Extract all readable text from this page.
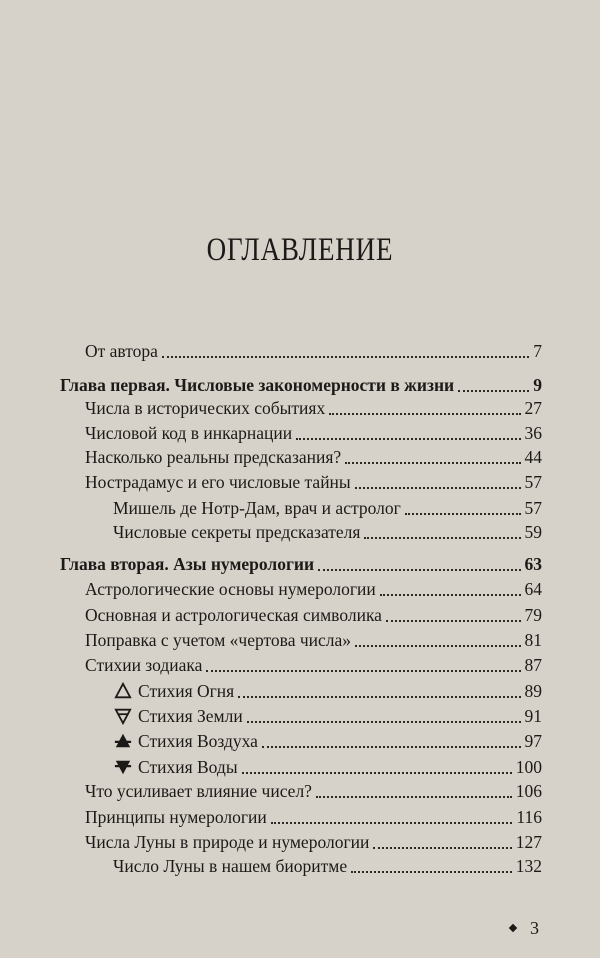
ОГЛАВЛЕНИЕ
От автора	7
Глава первая. Числовые закономерности в жизни	9
Числа в исторических событиях	27
Числовой код в инкарнации	36
Насколько реальны предсказания?	44
Нострадамус и его числовые тайны	57
Мишель де Нотр-Дам, врач и астролог	57
Числовые секреты предсказателя	59
Глава вторая. Азы нумерологии	63
Астрологические основы нумерологии	64
Основная и астрологическая символика	79
Поправка с учетом «чертова числа»	81
Стихии зодиака	87
Стихия Огня	89
Стихия Земли	91
Стихия Воздуха	97
Стихия Воды	100
Что усиливает влияние чисел?	106
Принципы нумерологии	116
Числа Луны в природе и нумерологии	127
Число Луны в нашем биоритме	132
3
